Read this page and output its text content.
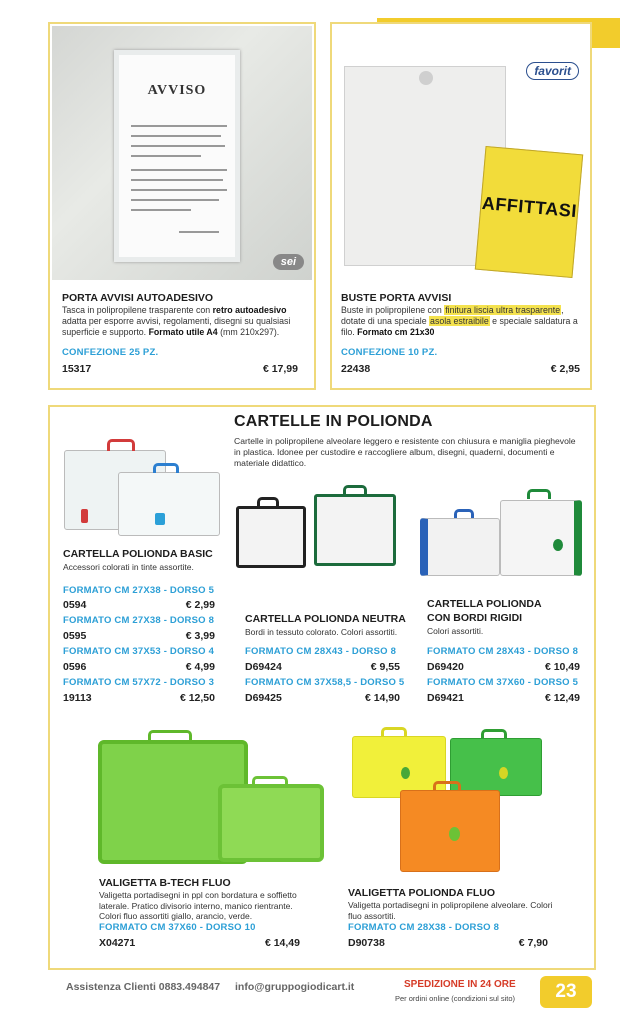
AVVISO
sei
PORTA AVVISI AUTOADESIVO
Tasca in polipropilene trasparente con retro autoadesivo adatta per esporre avvisi, regolamenti, disegni su qualsiasi superficie e supporto. Formato utile A4 (mm 210x297).
CONFEZIONE 25 PZ.
15317	€ 17,99
AFFITTASI
favorit
BUSTE PORTA AVVISI
Buste in polipropilene con finitura liscia ultra trasparente, dotate di una speciale asola estraibile e speciale saldatura a filo. Formato cm 21x30
CONFEZIONE 10 PZ.
22438	€ 2,95
CARTELLE IN POLIONDA
Cartelle in polipropilene alveolare leggero e resistente con chiusura e maniglia pieghevole in plastica. Idonee per custodire e raccogliere album, disegni, quaderni, documenti e materiale didattico.
CARTELLA POLIONDA BASIC
Accessori colorati in tinte assortite.
FORMATO CM 27X38 - DORSO 5
0594	€ 2,99
FORMATO CM 27X38 - DORSO 8
0595	€ 3,99
FORMATO CM 37X53 - DORSO 4
0596	€ 4,99
FORMATO CM 57X72 - DORSO 3
19113	€ 12,50
CARTELLA POLIONDA NEUTRA
Bordi in tessuto colorato. Colori assortiti.
FORMATO CM 28X43 - DORSO 8
D69424	€ 9,55
FORMATO CM 37X58,5 - DORSO 5
D69425	€ 14,90
CARTELLA POLIONDA
CON BORDI RIGIDI
Colori assortiti.
FORMATO CM 28X43 - DORSO 8
D69420	€ 10,49
FORMATO CM 37X60 - DORSO 5
D69421	€ 12,49
VALIGETTA B-TECH FLUO
Valigetta portadisegni in ppl con bordatura e soffietto laterale. Pratico divisorio interno, manico rientrante. Colori fluo assortiti giallo, arancio, verde.
FORMATO CM 37X60 - DORSO 10
X04271	€ 14,49
VALIGETTA POLIONDA FLUO
Valigetta portadisegni in polipropilene alveolare. Colori fluo assortiti.
FORMATO CM 28X38 - DORSO 8
D90738	€ 7,90
Assistenza Clienti 0883.494847 info@gruppogiodicart.it	SPEDIZIONE IN 24 ORE
Per ordini online (condizioni sul sito)	23
